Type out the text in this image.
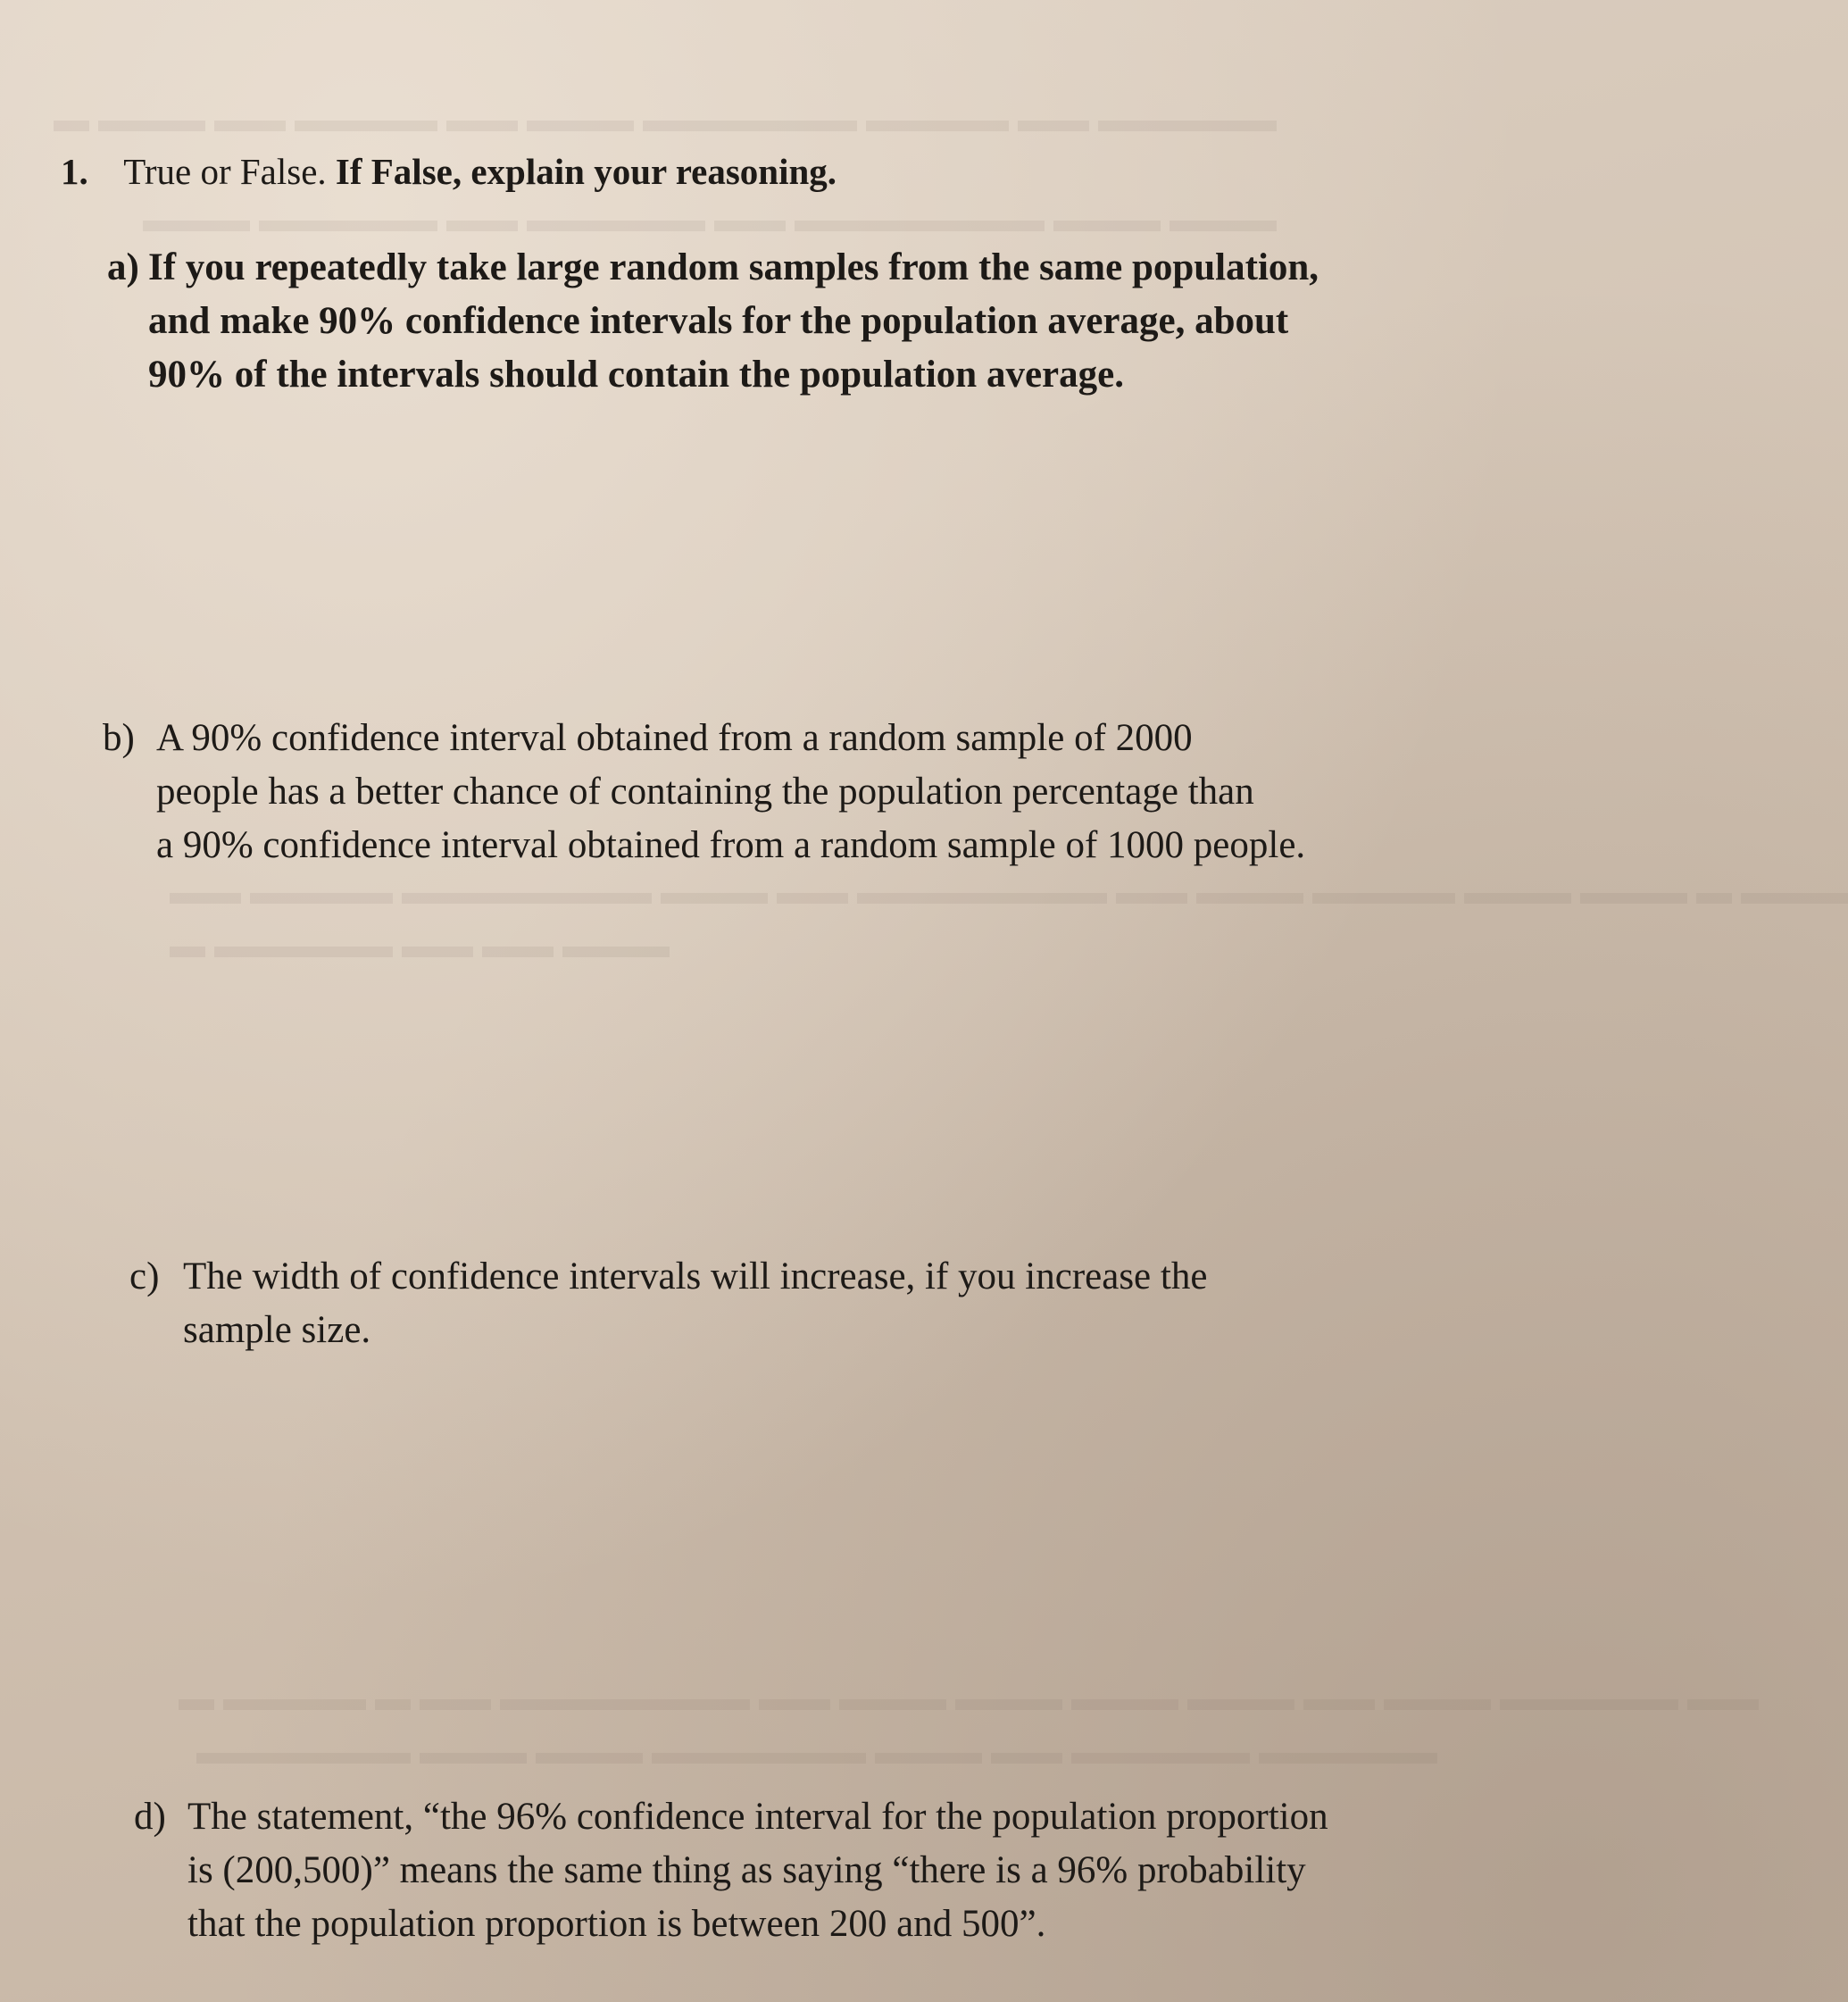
▬ ▬▬▬ ▬▬ ▬▬▬▬ ▬▬ ▬▬▬ ▬▬▬▬▬▬ ▬▬▬▬ ▬▬ ▬▬▬▬▬
▬▬▬ ▬▬▬▬▬ ▬▬ ▬▬▬▬▬ ▬▬ ▬▬▬▬▬▬▬ ▬▬▬ ▬▬▬
▬▬ ▬▬▬▬ ▬▬▬▬▬▬▬ ▬▬▬ ▬▬ ▬▬▬▬▬▬▬ ▬▬ ▬▬▬ ▬▬▬▬ ▬▬▬ ▬▬▬ ▬ ▬▬▬
▬ ▬▬▬▬▬ ▬▬ ▬▬ ▬▬▬
▬ ▬▬▬▬ ▬ ▬▬ ▬▬▬▬▬▬▬ ▬▬ ▬▬▬ ▬▬▬ ▬▬▬ ▬▬▬ ▬▬ ▬▬▬ ▬▬▬▬▬ ▬▬
▬▬▬▬▬▬ ▬▬▬ ▬▬▬ ▬▬▬▬▬▬ ▬▬▬ ▬▬ ▬▬▬▬▬ ▬▬▬▬▬
1. True or False. If False, explain your reasoning.
a) If you repeatedly take large random samples from the same population,
and make 90% confidence intervals for the population average, about
90% of the intervals should contain the population average.
b) A 90% confidence interval obtained from a random sample of 2000
people has a better chance of containing the population percentage than
a 90% confidence interval obtained from a random sample of 1000 people.
c) The width of confidence intervals will increase, if you increase the
sample size.
d) The statement, “the 96% confidence interval for the population proportion
is (200,500)” means the same thing as saying “there is a 96% probability
that the population proportion is between 200 and 500”.
